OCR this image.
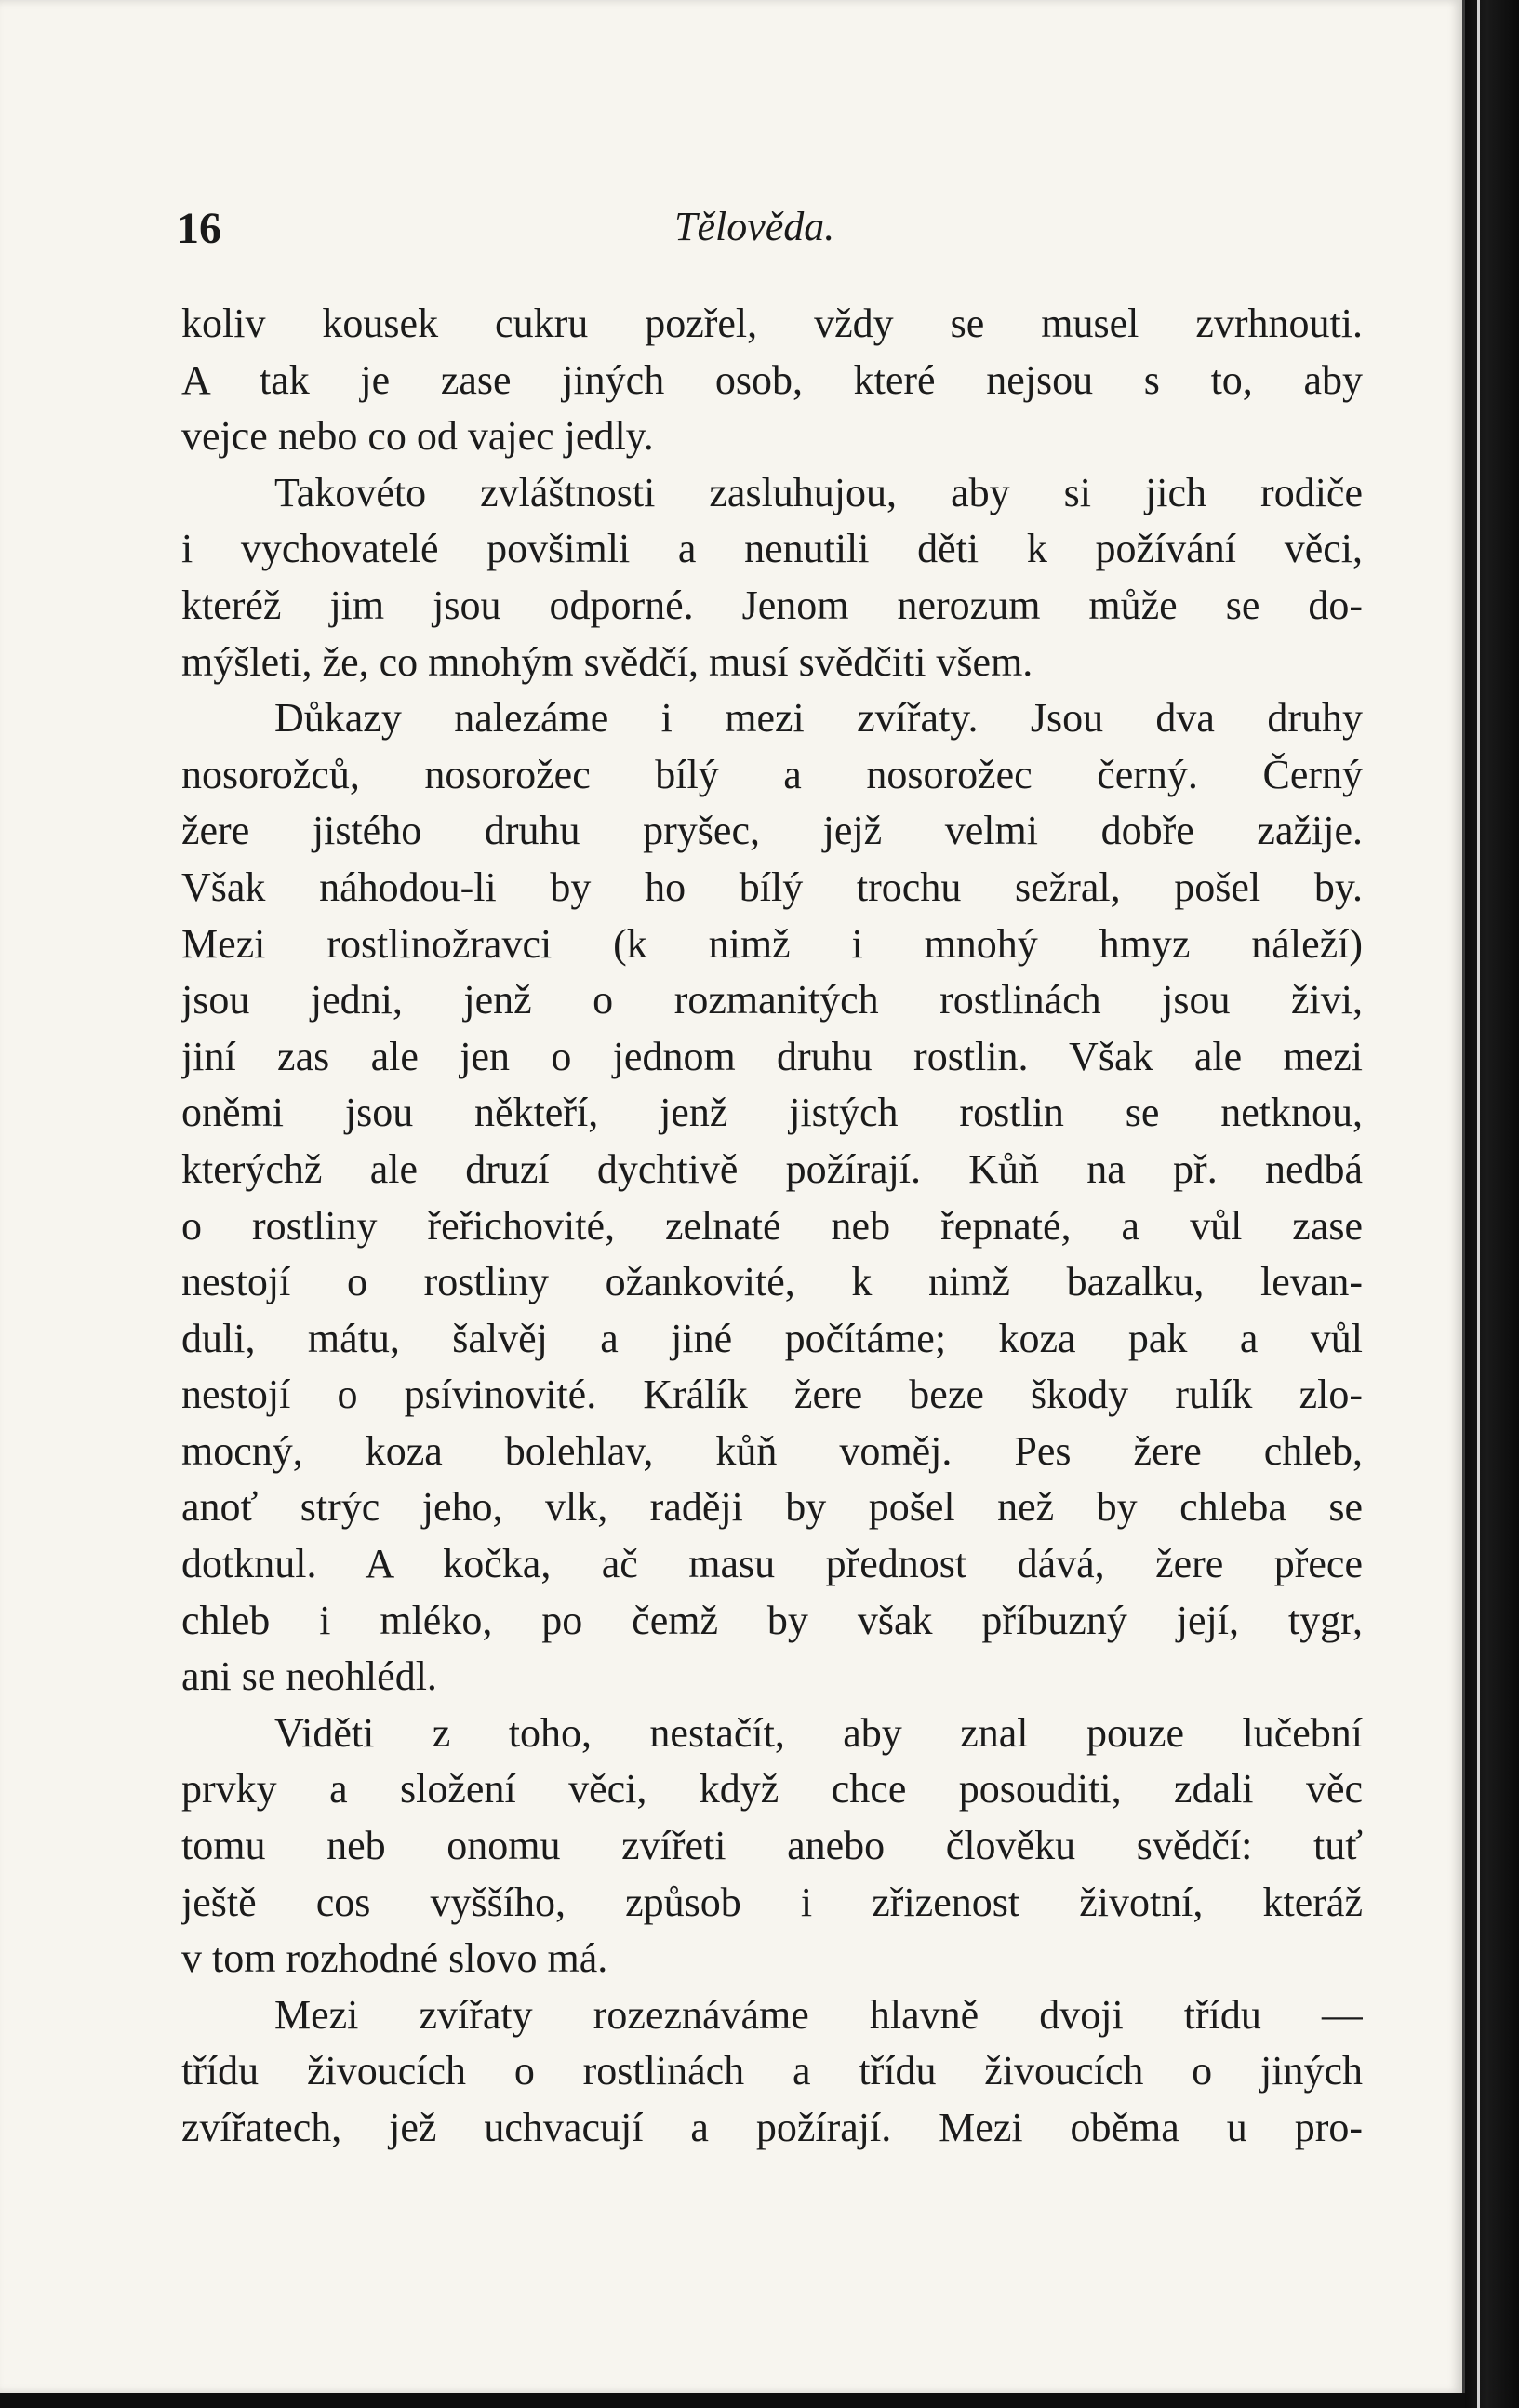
16	Tělověda.
koliv kousek cukru pozřel, vždy se musel zvrhnouti.
A tak je zase jiných osob, které nejsou s to, aby
vejce nebo co od vajec jedly.
Takovéto zvláštnosti zasluhujou, aby si jich rodiče
i vychovatelé povšimli a nenutili děti k požívání věci,
kteréž jim jsou odporné. Jenom nerozum může se do-
mýšleti, že, co mnohým svědčí, musí svědčiti všem.
Důkazy nalezáme i mezi zvířaty. Jsou dva druhy
nosorožců, nosorožec bílý a nosorožec černý. Černý
žere jistého druhu pryšec, jejž velmi dobře zažije.
Však náhodou-li by ho bílý trochu sežral, pošel by.
Mezi rostlinožravci (k nimž i mnohý hmyz náleží)
jsou jedni, jenž o rozmanitých rostlinách jsou živi,
jiní zas ale jen o jednom druhu rostlin. Však ale mezi
oněmi jsou někteří, jenž jistých rostlin se netknou,
kterýchž ale druzí dychtivě požírají. Kůň na př. nedbá
o rostliny řeřichovité, zelnaté neb řepnaté, a vůl zase
nestojí o rostliny ožankovité, k nimž bazalku, levan-
duli, mátu, šalvěj a jiné počítáme; koza pak a vůl
nestojí o psívinovité. Králík žere beze škody rulík zlo-
mocný, koza bolehlav, kůň voměj. Pes žere chleb,
anoť strýc jeho, vlk, raději by pošel než by chleba se
dotknul. A kočka, ač masu přednost dává, žere přece
chleb i mléko, po čemž by však příbuzný její, tygr,
ani se neohlédl.
Viděti z toho, nestačít, aby znal pouze lučební
prvky a složení věci, když chce posouditi, zdali věc
tomu neb onomu zvířeti anebo člověku svědčí: tuť
ještě cos vyššího, způsob i zřizenost životní, kteráž
v tom rozhodné slovo má.
Mezi zvířaty rozeznáváme hlavně dvoji třídu —
třídu živoucích o rostlinách a třídu živoucích o jiných
zvířatech, jež uchvacují a požírají. Mezi oběma u pro-
